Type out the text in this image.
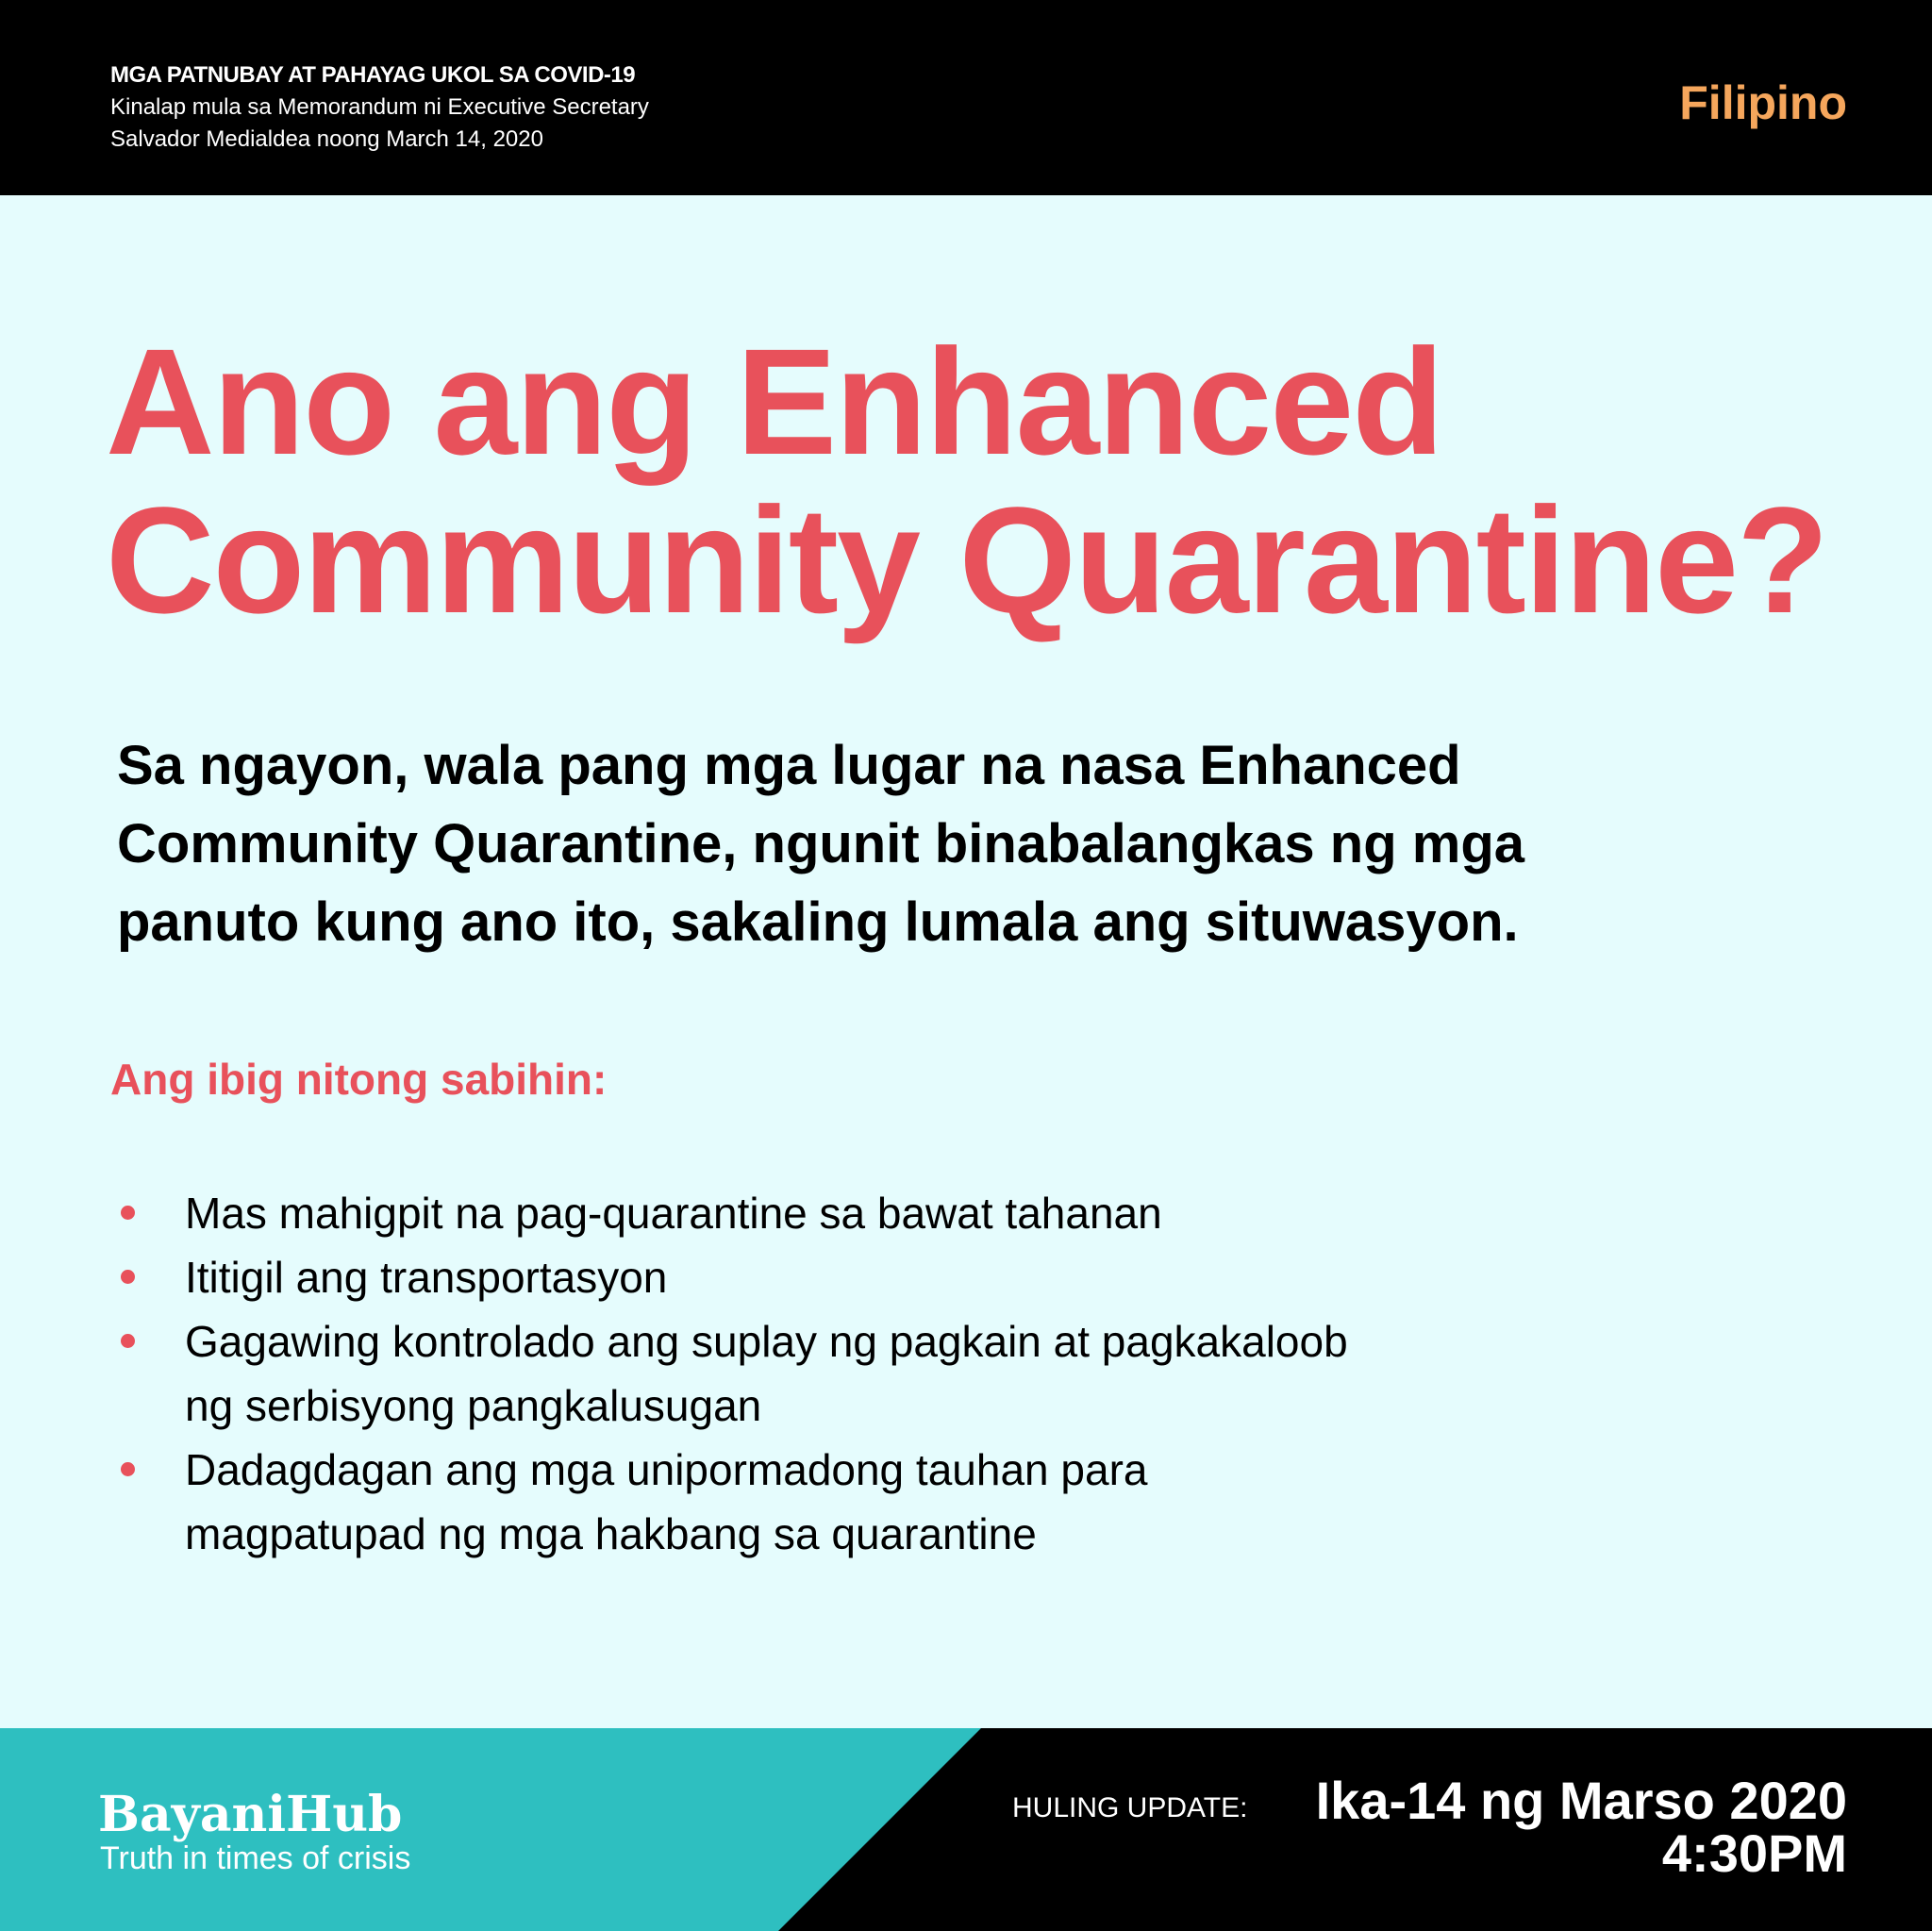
MGA PATNUBAY AT PAHAYAG UKOL SA COVID-19
Kinalap mula sa Memorandum ni Executive Secretary
Salvador Medialdea noong March 14, 2020
Filipino
Ano ang Enhanced
Community Quarantine?
Sa ngayon, wala pang mga lugar na nasa Enhanced
Community Quarantine, ngunit binabalangkas ng mga
panuto kung ano ito, sakaling lumala ang situwasyon.
Ang ibig nitong sabihin:
Mas mahigpit na pag-quarantine sa bawat tahanan
Ititigil ang transportasyon
Gagawing kontrolado ang suplay ng pagkain at pagkakaloob
ng serbisyong pangkalusugan
Dadagdagan ang mga unipormadong tauhan para
magpatupad ng mga hakbang sa quarantine
BayaniHub
Truth in times of crisis
HULING UPDATE: Ika-14 ng Marso 2020
4:30PM
